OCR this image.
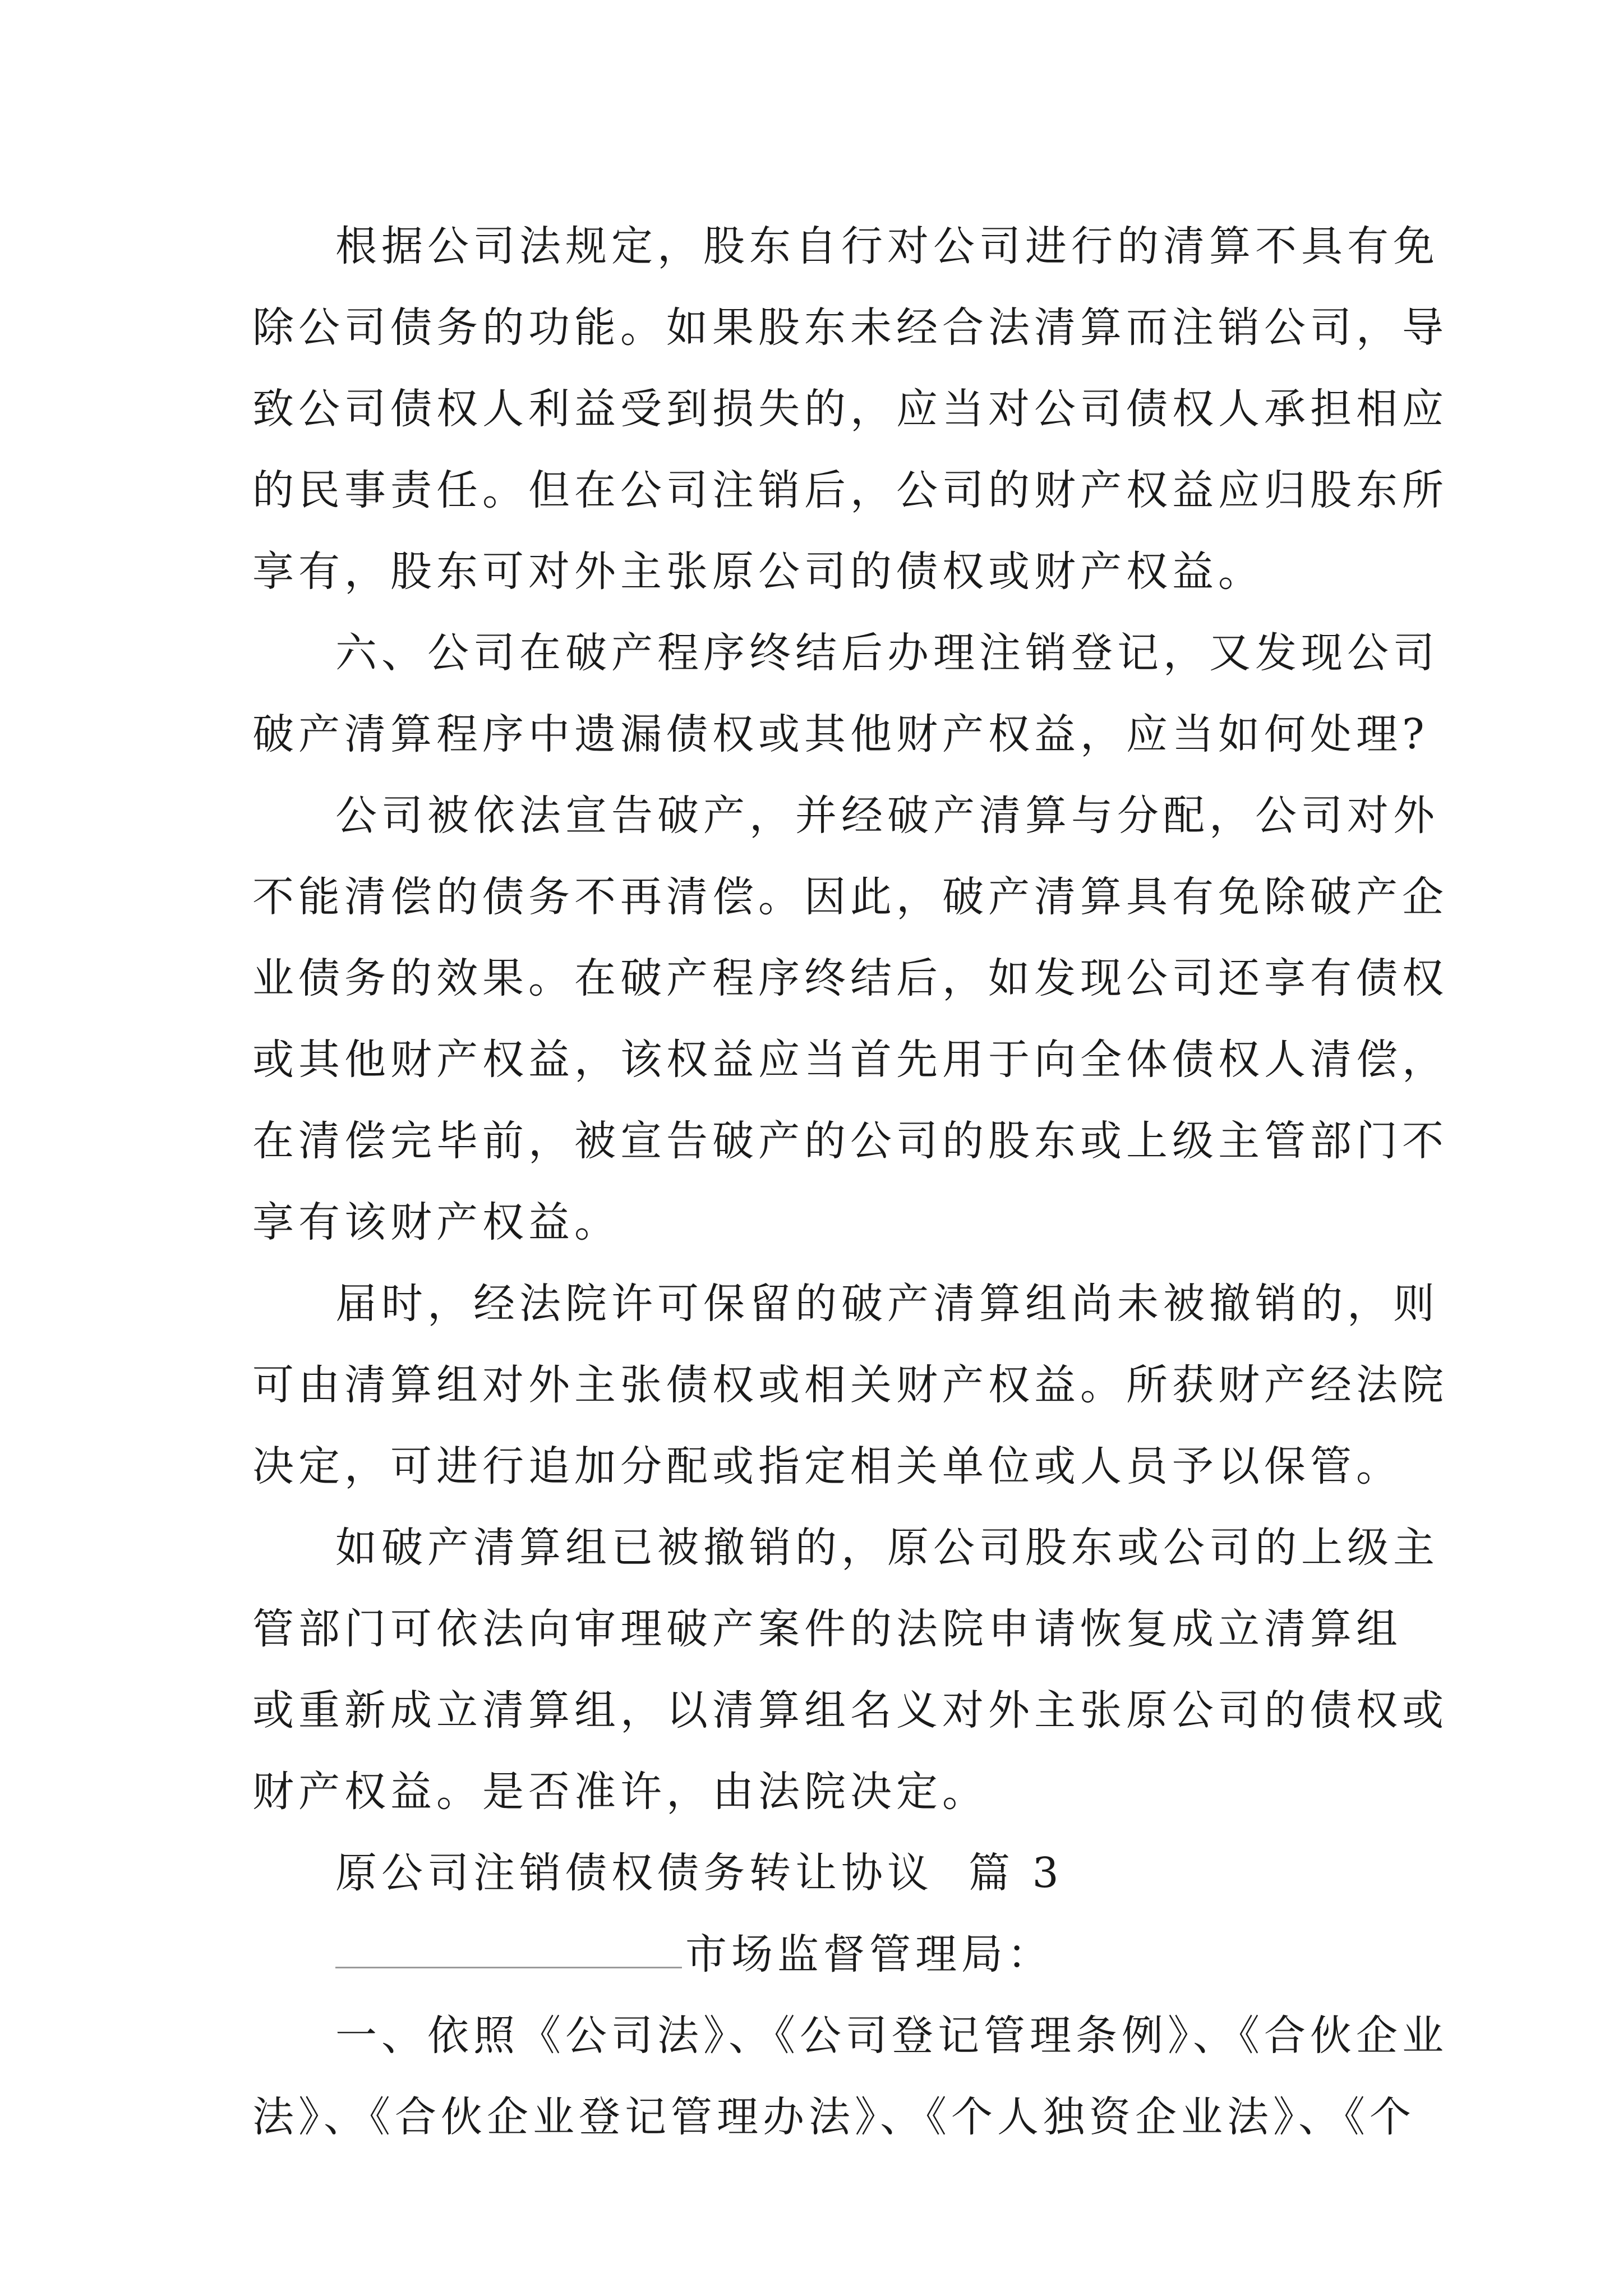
根据公司法规定，股东自行对公司进行的清算不具有免
除公司债务的功能。如果股东未经合法清算而注销公司，导
致公司债权人利益受到损失的，应当对公司债权人承担相应
的民事责任。但在公司注销后，公司的财产权益应归股东所
享有，股东可对外主张原公司的债权或财产权益。
六、公司在破产程序终结后办理注销登记，又发现公司
破产清算程序中遗漏债权或其他财产权益，应当如何处理?
公司被依法宣告破产，并经破产清算与分配，公司对外
不能清偿的债务不再清偿。因此，破产清算具有免除破产企
业债务的效果。在破产程序终结后，如发现公司还享有债权
或其他财产权益，该权益应当首先用于向全体债权人清偿，
在清偿完毕前，被宣告破产的公司的股东或上级主管部门不
享有该财产权益。
届时，经法院许可保留的破产清算组尚未被撤销的，则
可由清算组对外主张债权或相关财产权益。所获财产经法院
决定，可进行追加分配或指定相关单位或人员予以保管。
如破产清算组已被撤销的，原公司股东或公司的上级主
管部门可依法向审理破产案件的法院申请恢复成立清算组
或重新成立清算组，以清算组名义对外主张原公司的债权或
财产权益。是否准许，由法院决定。
原公司注销债权债务转让协议  篇 3
市场监督管理局：
一、依照《公司法》、《公司登记管理条例》、《合伙企业
法》、《合伙企业登记管理办法》、《个人独资企业法》、《个
